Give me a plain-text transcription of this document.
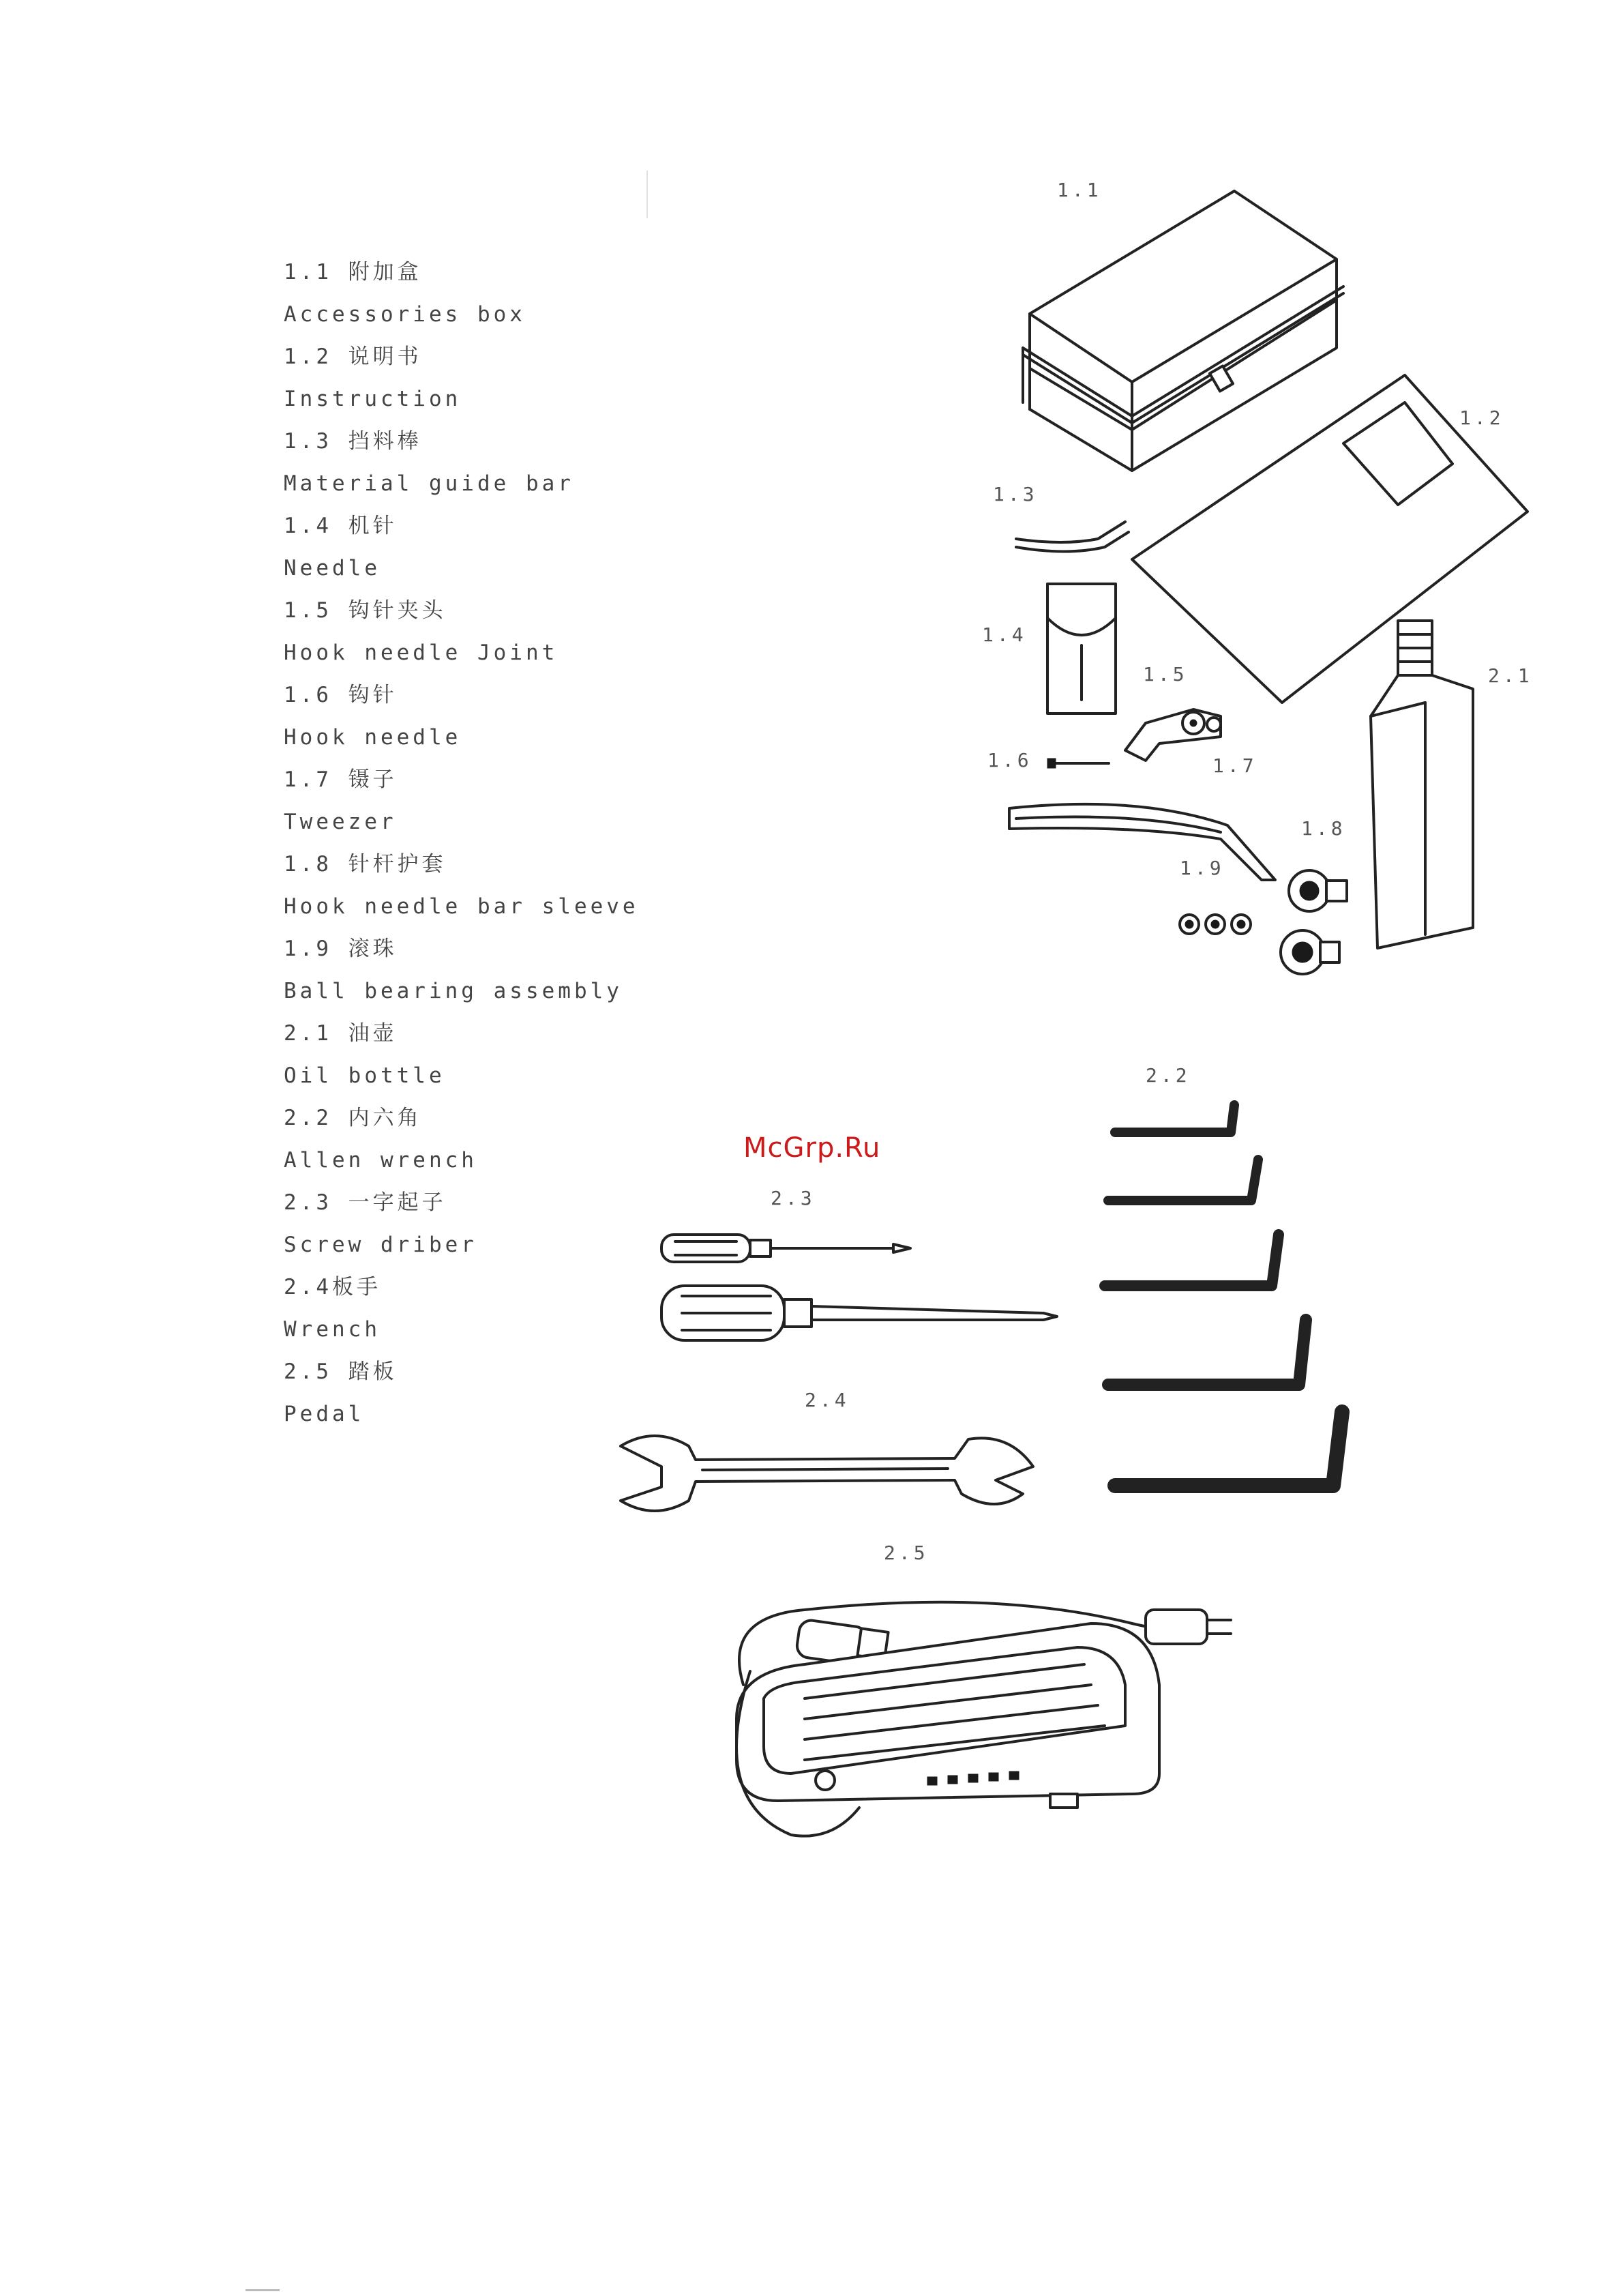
1.1 附加盒
Accessories box
1.2 说明书
Instruction
1.3 挡料棒
Material guide bar
1.4 机针
Needle
1.5 钩针夹头
Hook needle Joint
1.6 钩针
Hook needle
1.7 镊子
Tweezer
1.8 针杆护套
Hook needle bar sleeve
1.9 滚珠
Ball bearing assembly
2.1 油壶
Oil bottle
2.2 内六角
Allen wrench
2.3 一字起子
Screw driber
2.4板手
Wrench
2.5 踏板
Pedal
1.1
1.2
1.3
1.4
1.5
1.6	1.7
1.8
1.9
2.1
2.2
2.3
2.4
2.5
McGrp.Ru
